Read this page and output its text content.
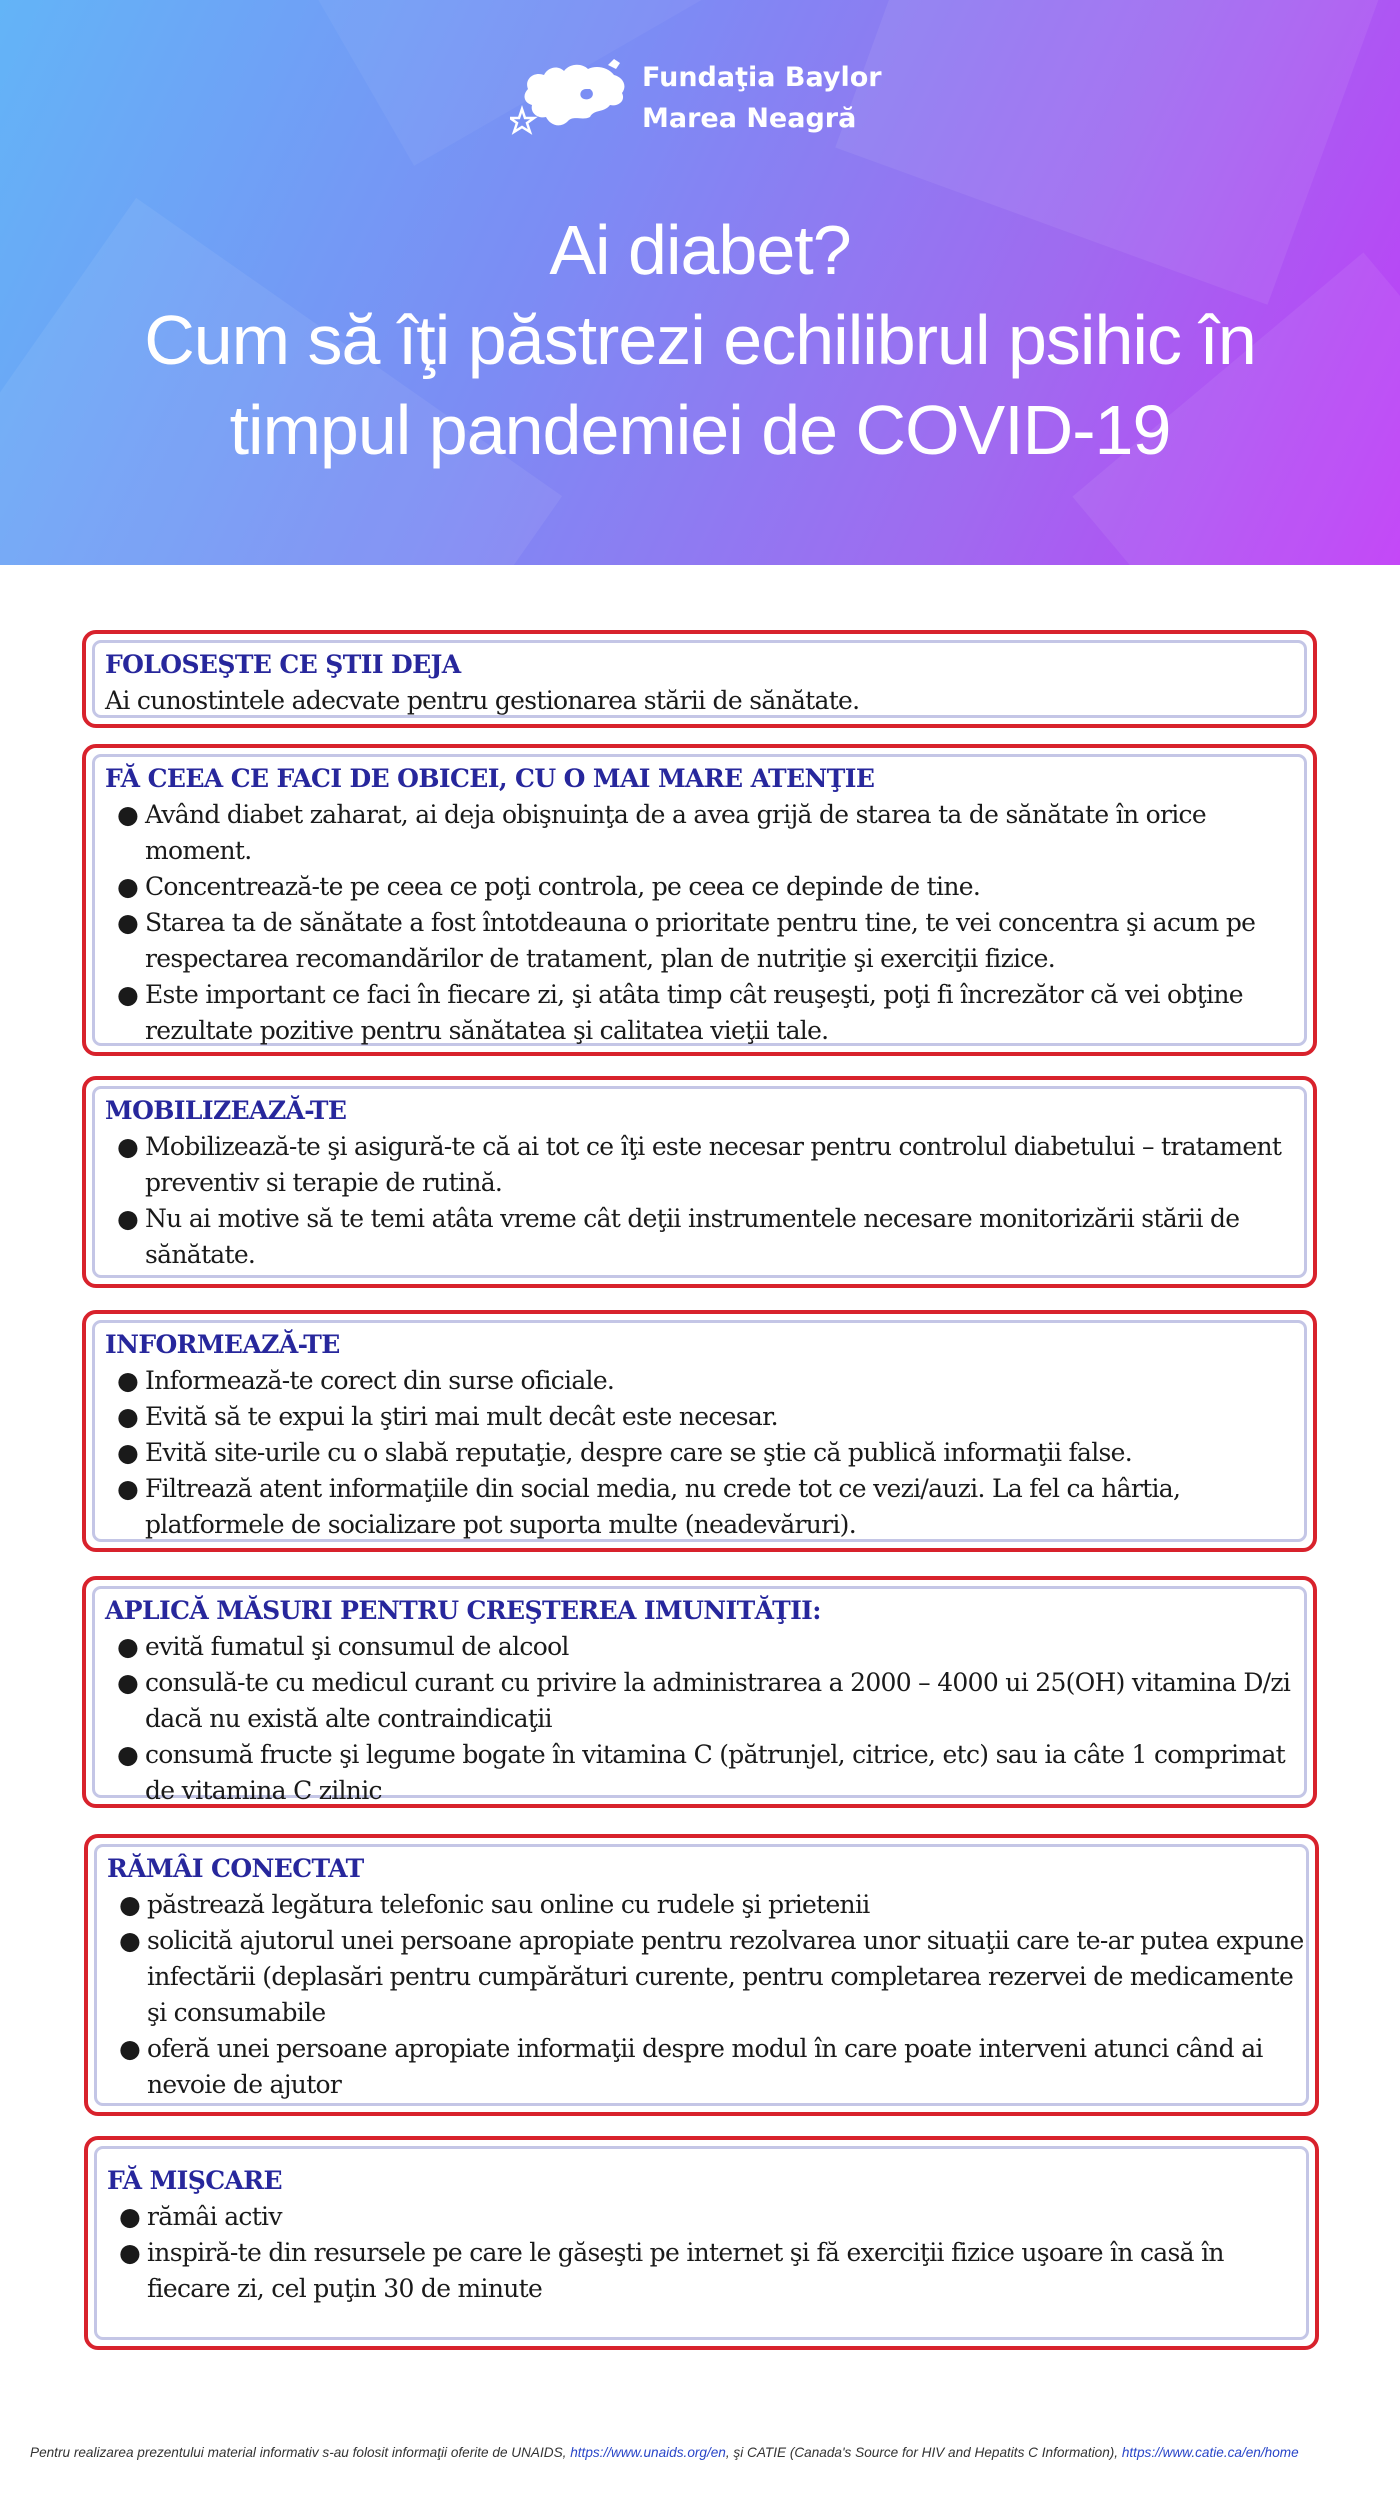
Fundaţia Baylor
Marea Neagră
Ai diabet?
Cum să îţi păstrezi echilibrul psihic în
timpul pandemiei de COVID-19
FOLOSEŞTE CE ŞTII DEJA

Ai cunostintele adecvate pentru gestionarea stării de sănătate.

FĂ CEEA CE FACI DE OBICEI, CU O MAI MARE ATENŢIE
● Având diabet zaharat, ai deja obişnuinţa de a avea grijă de starea ta de sănătate în orice moment.
● Concentrează-te pe ceea ce poţi controla, pe ceea ce depinde de tine.
● Starea ta de sănătate a fost întotdeauna o prioritate pentru tine, te vei concentra şi acum pe respectarea recomandărilor de tratament, plan de nutriţie şi exerciţii fizice.
● Este important ce faci în fiecare zi, şi atâta timp cât reuşeşti, poţi fi încrezător că vei obţine rezultate pozitive pentru sănătatea şi calitatea vieţii tale.
MOBILIZEAZĂ-TE
● Mobilizează-te şi asigură-te că ai tot ce îţi este necesar pentru controlul diabetului – tratament preventiv si terapie de rutină.
● Nu ai motive să te temi atâta vreme cât deţii instrumentele necesare monitorizării stării de sănătate.
INFORMEAZĂ-TE
● Informează-te corect din surse oficiale.
● Evită să te expui la ştiri mai mult decât este necesar.
● Evită site-urile cu o slabă reputaţie, despre care se ştie că publică informaţii false.
● Filtrează atent informaţiile din social media, nu crede tot ce vezi/auzi. La fel ca hârtia, platformele de socializare pot suporta multe (neadevăruri).
APLICĂ MĂSURI PENTRU CREŞTEREA IMUNITĂŢII:
● evită fumatul şi consumul de alcool
● consulă-te cu medicul curant cu privire la administrarea a 2000 – 4000 ui 25(OH) vitamina D/zi dacă nu există alte contraindicaţii
● consumă fructe şi legume bogate în vitamina C (pătrunjel, citrice, etc) sau ia câte 1 comprimat de vitamina C zilnic
RĂMÂI CONECTAT
● păstrează legătura telefonic sau online cu rudele şi prietenii
● solicită ajutorul unei persoane apropiate pentru rezolvarea unor situaţii care te-ar putea expune infectării (deplasări pentru cumpărături curente, pentru completarea rezervei de medicamente şi consumabile
● oferă unei persoane apropiate informaţii despre modul în care poate interveni atunci când ai nevoie de ajutor
FĂ MIŞCARE
● rămâi activ
● inspiră-te din resursele pe care le găseşti pe internet şi fă exerciţii fizice uşoare în casă în fiecare zi, cel puţin 30 de minute
Pentru realizarea prezentului material informativ s-au folosit informaţii oferite de UNAIDS, https://www.unaids.org/en, şi CATIE (Canada's Source for HIV and Hepatits C Information), https://www.catie.ca/en/home
